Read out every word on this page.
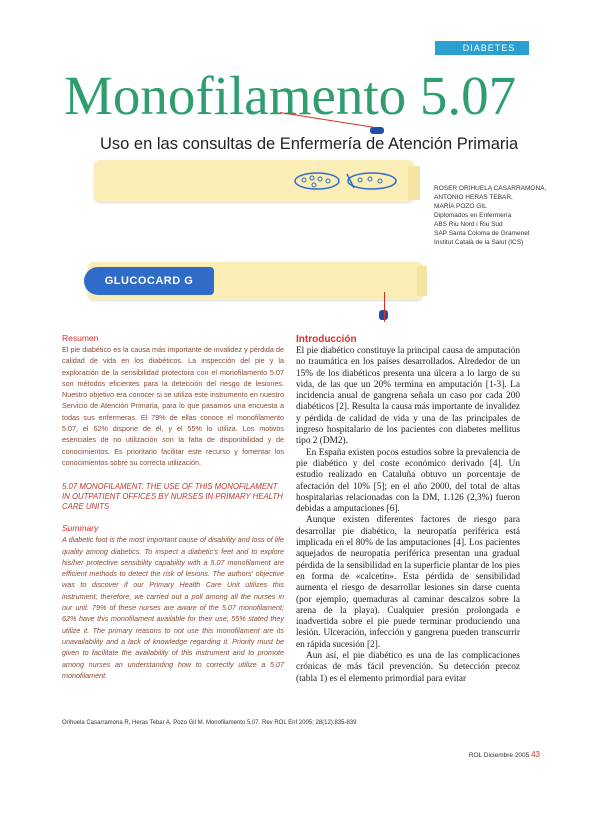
DIABETES
Monofilamento 5.07
Uso en las consultas de Enfermería de Atención Primaria
GLUCOCARD G
ROSER ORIHUELA CASARRAMONA,
ANTONIO HERAS TEBAR,
MARÍA POZO GIL
Diplomados en Enfermería
ABS Riu Nord i Riu Sud
SAP Santa Coloma de Gramenet
Institut Català de la Salut (ICS)
Resumen
El pie diabético es la causa más importante de invalidez y pérdida de calidad de vida en los diabéticos. La inspección del pie y la exploración de la sensibilidad protectora con el monofilamento 5.07 son métodos eficientes para la detección del riesgo de lesiones. Nuestro objetivo era conocer si se utiliza este instrumento en nuestro Servicio de Atención Primaria, para lo que pasamos una encuesta a todas sus enfermeras. El 79% de ellas conoce el monofilamento 5.07, el 62% dispone de él, y el 55% lo utiliza. Los motivos esenciales de no utilización son la falta de disponibilidad y de conocimientos. Es prioritario facilitar este recurso y fomentar los conocimientos sobre su correcta utilización.
5.07 MONOFILAMENT: THE USE OF THIS MONOFILAMENT IN OUTPATIENT OFFICES BY NURSES IN PRIMARY HEALTH CARE UNITS
Summary
A diabetic foot is the most important cause of disability and loss of life quality among diabetics. To inspect a diabetic's feet and to explore his/her protective sensibility capability with a 5.07 monofilament are efficient methods to detect the risk of lesions. The authors' objective was to discover if our Primary Health Care Unit utilizes this instrument; therefore, we carried out a poll among all the nurses in our unit. 79% of these nurses are aware of the 5.07 monofilament; 62% have this monofilament available for their use; 55% stated they utilize it. The primary reasons to not use this monofilament are its unavailability and a lack of knowledge regarding it. Priority must be given to facilitate the availability of this instrument and to promote among nurses an understanding how to correctly utilize a 5.07 monofilament.
Introducción

El pie diabético constituye la principal causa de amputación no traumática en los países desarrollados. Alrededor de un 15% de los diabéticos presenta una úlcera a lo largo de su vida, de las que un 20% termina en amputación [1-3]. La incidencia anual de gangrena señala un caso por cada 200 diabéticos [2]. Resulta la causa más importante de invalidez y pérdida de calidad de vida y una de las principales de ingreso hospitalario de los pacientes con diabetes mellitus tipo 2 (DM2).

En España existen pocos estudios sobre la prevalencia de pie diabético y del coste económico derivado [4]. Un estudio realizado en Cataluña obtuvo un porcentaje de afectación del 10% [5]; en el año 2000, del total de altas hospitalarias relacionadas con la DM, 1.126 (2,3%) fueron debidas a amputaciones [6].

Aunque existen diferentes factores de riesgo para desarrollar pie diabético, la neuropatía periférica está implicada en el 80% de las amputaciones [4]. Los pacientes aquejados de neuropatía periférica presentan una gradual pérdida de la sensibilidad en la superficie plantar de los pies en forma de «calcetín». Esta pérdida de sensibilidad aumenta el riesgo de desarrollar lesiones sin darse cuenta (por ejemplo, quemaduras al caminar descalzos sobre la arena de la playa). Cualquier presión prolongada e inadvertida sobre el pie puede terminar produciendo una lesión. Ulceración, infección y gangrena pueden transcurrir en rápida sucesión [2].

Aun así, el pie diabético es una de las complicaciones crónicas de más fácil prevención. Su detección precoz (tabla 1) es el elemento primordial para evitar

Orihuela Casarramona R, Heras Tebar A, Pozo Gil M. Monofilamento 5.07. Rev ROL Enf 2005; 28(12):835-839
ROL Diciembre 2005 43
